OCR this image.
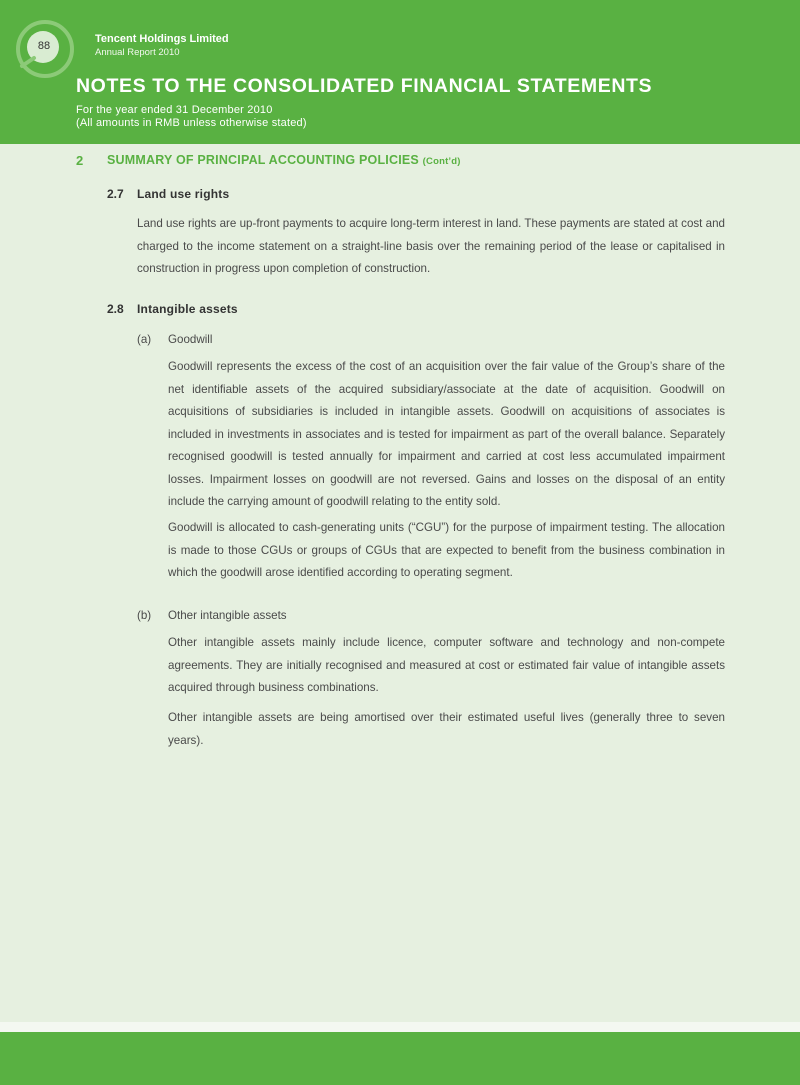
88
Tencent Holdings Limited
Annual Report 2010
NOTES TO THE CONSOLIDATED FINANCIAL STATEMENTS
For the year ended 31 December 2010
(All amounts in RMB unless otherwise stated)
2 SUMMARY OF PRINCIPAL ACCOUNTING POLICIES (Cont’d)
2.7 Land use rights

Land use rights are up-front payments to acquire long-term interest in land. These payments are stated at cost and charged to the income statement on a straight-line basis over the remaining period of the lease or capitalised in construction in progress upon completion of construction.

2.8 Intangible assets
(a) Goodwill

Goodwill represents the excess of the cost of an acquisition over the fair value of the Group’s share of the net identifiable assets of the acquired subsidiary/associate at the date of acquisition. Goodwill on acquisitions of subsidiaries is included in intangible assets. Goodwill on acquisitions of associates is included in investments in associates and is tested for impairment as part of the overall balance. Separately recognised goodwill is tested annually for impairment and carried at cost less accumulated impairment losses. Impairment losses on goodwill are not reversed. Gains and losses on the disposal of an entity include the carrying amount of goodwill relating to the entity sold.

Goodwill is allocated to cash-generating units (“CGU”) for the purpose of impairment testing. The allocation is made to those CGUs or groups of CGUs that are expected to benefit from the business combination in which the goodwill arose identified according to operating segment.

(b) Other intangible assets

Other intangible assets mainly include licence, computer software and technology and non-compete agreements. They are initially recognised and measured at cost or estimated fair value of intangible assets acquired through business combinations.

Other intangible assets are being amortised over their estimated useful lives (generally three to seven years).
